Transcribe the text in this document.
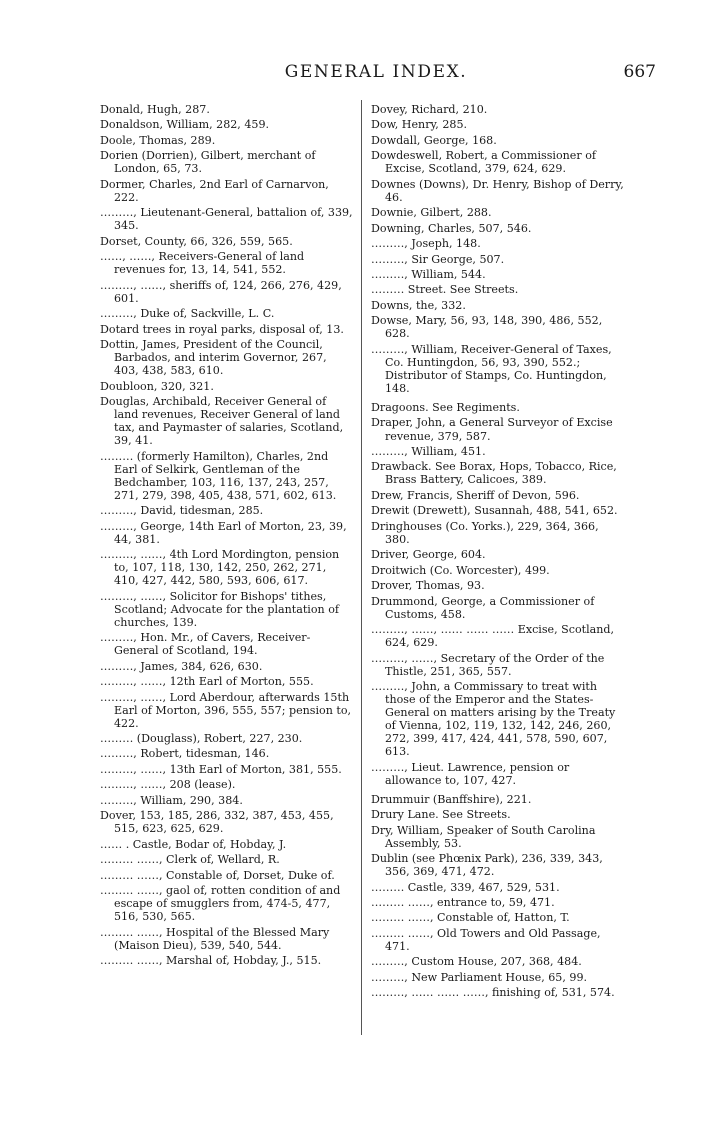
GENERAL INDEX.	667
Donald, Hugh, 287.
Donaldson, William, 282, 459.
Doole, Thomas, 289.
Dorien (Dorrien), Gilbert, merchant of London, 65, 73.
Dormer, Charles, 2nd Earl of Carnarvon, 222.
………, Lieutenant-General, battalion of, 339, 345.
Dorset, County, 66, 326, 559, 565.
……, ……, Receivers-General of land revenues for, 13, 14, 541, 552.
………, ……, sheriffs of, 124, 266, 276, 429, 601.
………, Duke of, Sackville, L. C.
Dotard trees in royal parks, disposal of, 13.
Dottin, James, President of the Council, Barbados, and interim Governor, 267, 403, 438, 583, 610.
Doubloon, 320, 321.
Douglas, Archibald, Receiver General of land revenues, Receiver General of land tax, and Paymaster of salaries, Scotland, 39, 41.
……… (formerly Hamilton), Charles, 2nd Earl of Selkirk, Gentleman of the Bedchamber, 103, 116, 137, 243, 257, 271, 279, 398, 405, 438, 571, 602, 613.
………, David, tidesman, 285.
………, George, 14th Earl of Morton, 23, 39, 44, 381.
………, ……, 4th Lord Mordington, pension to, 107, 118, 130, 142, 250, 262, 271, 410, 427, 442, 580, 593, 606, 617.
………, ……, Solicitor for Bishops' tithes, Scotland; Advocate for the plantation of churches, 139.
………, Hon. Mr., of Cavers, Receiver-General of Scotland, 194.
………, James, 384, 626, 630.
………, ……, 12th Earl of Morton, 555.
………, ……, Lord Aberdour, afterwards 15th Earl of Morton, 396, 555, 557; pension to, 422.
……… (Douglass), Robert, 227, 230.
………, Robert, tidesman, 146.
………, ……, 13th Earl of Morton, 381, 555.
………, ……, 208 (lease).
………, William, 290, 384.
Dover, 153, 185, 286, 332, 387, 453, 455, 515, 623, 625, 629.
…… . Castle, Bodar of, Hobday, J.
……… ……, Clerk of, Wellard, R.
……… ……, Constable of, Dorset, Duke of.
……… ……, gaol of, rotten condition of and escape of smugglers from, 474-5, 477, 516, 530, 565.
……… ……, Hospital of the Blessed Mary (Maison Dieu), 539, 540, 544.
……… ……, Marshal of, Hobday, J., 515.
Dovey, Richard, 210.
Dow, Henry, 285.
Dowdall, George, 168.
Dowdeswell, Robert, a Commissioner of Excise, Scotland, 379, 624, 629.
Downes (Downs), Dr. Henry, Bishop of Derry, 46.
Downie, Gilbert, 288.
Downing, Charles, 507, 546.
………, Joseph, 148.
………, Sir George, 507.
………, William, 544.
……… Street. See Streets.
Downs, the, 332.
Dowse, Mary, 56, 93, 148, 390, 486, 552, 628.
………, William, Receiver-General of Taxes, Co. Huntingdon, 56, 93, 390, 552.; Distributor of Stamps, Co. Huntingdon, 148.
Dragoons. See Regiments.
Draper, John, a General Surveyor of Excise revenue, 379, 587.
………, William, 451.
Drawback. See Borax, Hops, Tobacco, Rice, Brass Battery, Calicoes, 389.
Drew, Francis, Sheriff of Devon, 596.
Drewit (Drewett), Susannah, 488, 541, 652.
Dringhouses (Co. Yorks.), 229, 364, 366, 380.
Driver, George, 604.
Droitwich (Co. Worcester), 499.
Drover, Thomas, 93.
Drummond, George, a Commissioner of Customs, 458.
………, ……, …… …… …… Excise, Scotland, 624, 629.
………, ……, Secretary of the Order of the Thistle, 251, 365, 557.
………, John, a Commissary to treat with those of the Emperor and the States-General on matters arising by the Treaty of Vienna, 102, 119, 132, 142, 246, 260, 272, 399, 417, 424, 441, 578, 590, 607, 613.
………, Lieut. Lawrence, pension or allowance to, 107, 427.
Drummuir (Banffshire), 221.
Drury Lane. See Streets.
Dry, William, Speaker of South Carolina Assembly, 53.
Dublin (see Phœnix Park), 236, 339, 343, 356, 369, 471, 472.
……… Castle, 339, 467, 529, 531.
……… ……, entrance to, 59, 471.
……… ……, Constable of, Hatton, T.
……… ……, Old Towers and Old Passage, 471.
………, Custom House, 207, 368, 484.
………, New Parliament House, 65, 99.
………, …… …… ……, finishing of, 531, 574.
